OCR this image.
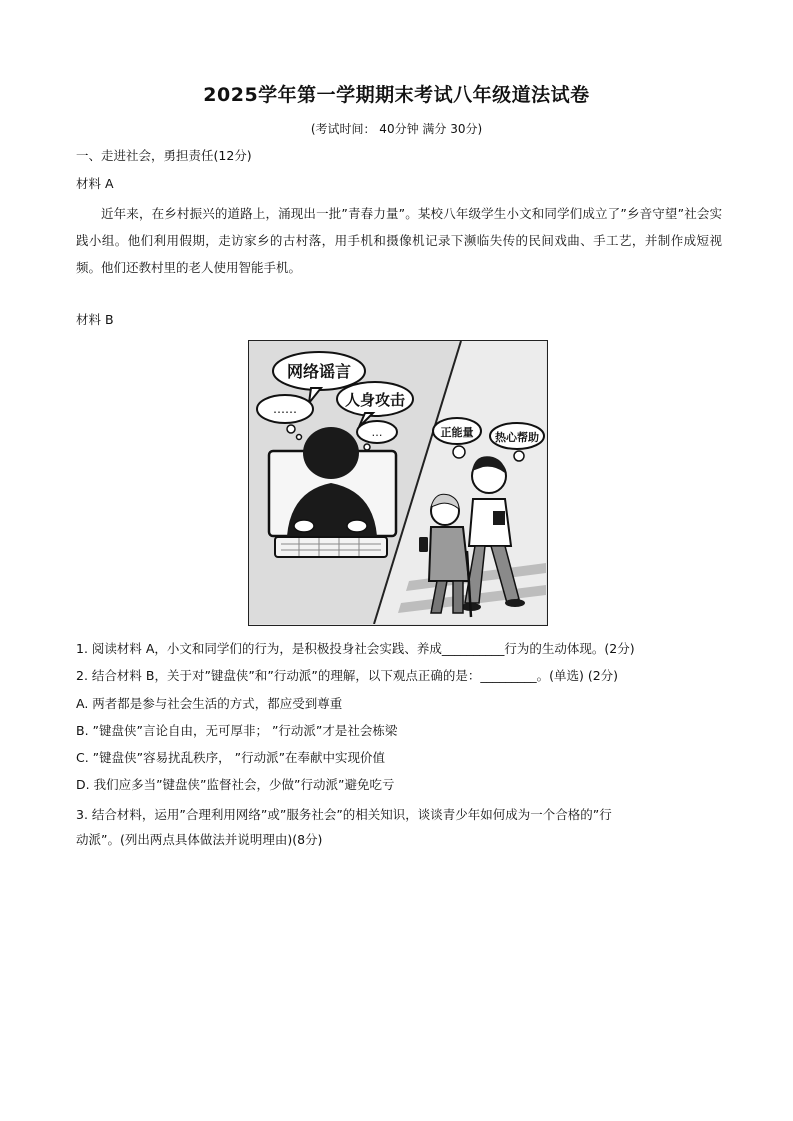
2025学年第一学期期末考试八年级道法试卷
(考试时间： 40分钟 满分 30分)
一、走进社会，勇担责任(12分)
材料 A
近年来，在乡村振兴的道路上，涌现出一批”青春力量”。某校八年级学生小文和同学们成立了”乡音守望”社会实践小组。他们利用假期，走访家乡的古村落，用手机和摄像机记录下濒临失传的民间戏曲、手工艺，并制作成短视频。他们还教村里的老人使用智能手机。
材料 B
网络谣言
人身攻击
……
…	正能量 热心帮助
1. 阅读材料 A，小文和同学们的行为，是积极投身社会实践、养成__________行为的生动体现。(2分)
2. 结合材料 B，关于对”键盘侠”和”行动派”的理解，以下观点正确的是：_________。(单选) (2分)
A. 两者都是参与社会生活的方式，都应受到尊重
B. ”键盘侠”言论自由，无可厚非； ”行动派”才是社会栋梁
C. ”键盘侠”容易扰乱秩序， ”行动派”在奉献中实现价值
D. 我们应多当”键盘侠”监督社会，少做”行动派”避免吃亏
3. 结合材料，运用”合理利用网络”或”服务社会”的相关知识，谈谈青少年如何成为一个合格的”行
动派”。(列出两点具体做法并说明理由)(8分)
